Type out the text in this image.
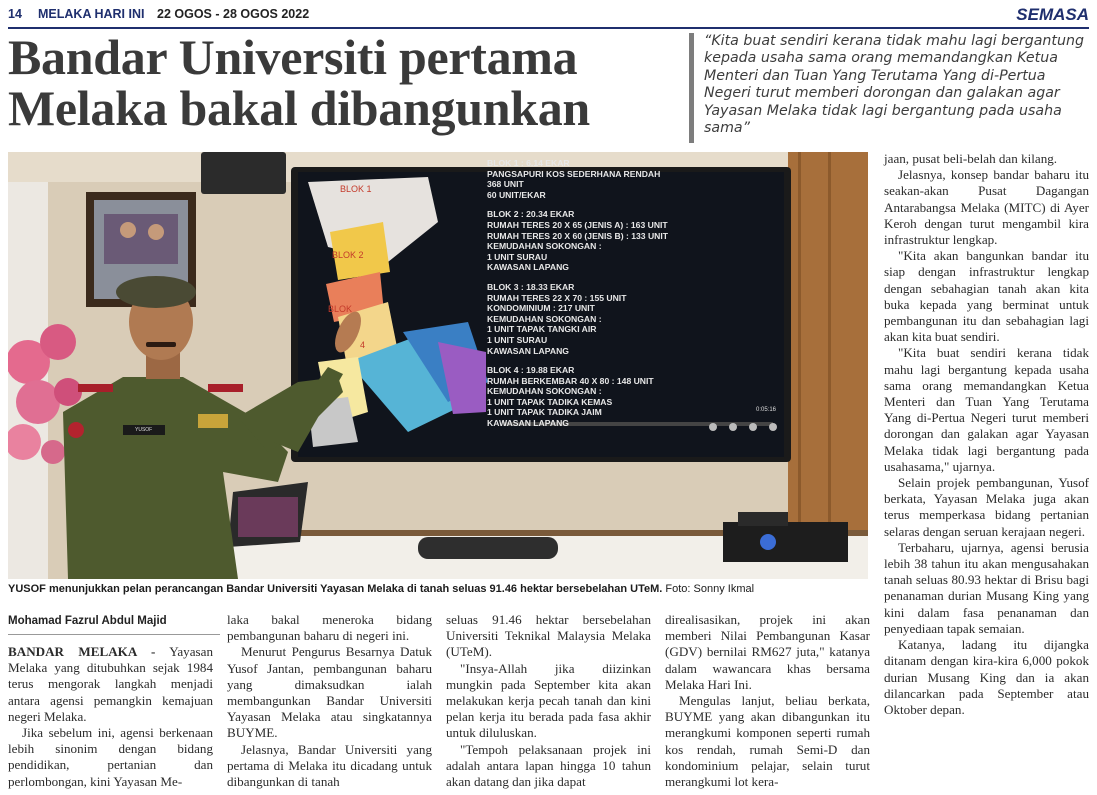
14 MELAKA HARI INI 22 OGOS - 28 OGOS 2022	SEMASA
Bandar Universiti pertama
Melaka bakal dibangunkan
“Kita buat sendiri kerana tidak mahu lagi bergantung kepada usaha sama orang memandangkan Ketua Menteri dan Tuan Yang Terutama Yang di-Pertua Negeri turut memberi dorongan dan galakan agar Yayasan Melaka tidak lagi bergantung pada usaha sama”
BLOK 1
BLOK 2
BLOK
4
YUSOF
0:05:16
BLOK 1 : 6.14 EKAR
PANGSAPURI KOS SEDERHANA RENDAH
368 UNIT
60 UNIT/EKAR
BLOK 2 : 20.34 EKAR
RUMAH TERES 20 X 65 (JENIS A) : 163 UNIT
RUMAH TERES 20 X 60 (JENIS B) : 133 UNIT
KEMUDAHAN SOKONGAN :
1 UNIT SURAU
KAWASAN LAPANG
BLOK 3 : 18.33 EKAR
RUMAH TERES 22 X 70 : 155 UNIT
KONDOMINIUM : 217 UNIT
KEMUDAHAN SOKONGAN :
1 UNIT TAPAK TANGKI AIR
1 UNIT SURAU
KAWASAN LAPANG
BLOK 4 : 19.88 EKAR
RUMAH BERKEMBAR 40 X 80 : 148 UNIT
KEMUDAHAN SOKONGAN :
1 UNIT TAPAK TADIKA KEMAS
1 UNIT TAPAK TADIKA JAIM
KAWASAN LAPANG
YUSOF menunjukkan pelan perancangan Bandar Universiti Yayasan Melaka di tanah seluas 91.46 hektar bersebelahan UTeM. Foto: Sonny Ikmal
Mohamad Fazrul Abdul Majid

BANDAR MELAKA - Yayasan Melaka yang ditubuhkan sejak 1984 terus mengorak langkah menjadi antara agensi pemangkin kemajuan negeri Melaka.

Jika sebelum ini, agensi berkenaan lebih sinonim dengan bidang pendidikan, pertanian dan perlombongan, kini Yayasan Me-

laka bakal meneroka bidang pembangunan baharu di negeri ini.

Menurut Pengurus Besarnya Datuk Yusof Jantan, pembangunan baharu yang dimaksudkan ialah membangunkan Bandar Universiti Yayasan Melaka atau singkatannya BUYME.

Jelasnya, Bandar Universiti yang pertama di Melaka itu dicadang untuk dibangunkan di tanah

seluas 91.46 hektar bersebelahan Universiti Teknikal Malaysia Melaka (UTeM).

"Insya-Allah jika diizinkan mungkin pada September kita akan melakukan kerja pecah tanah dan kini pelan kerja itu berada pada fasa akhir untuk diluluskan.

"Tempoh pelaksanaan projek ini adalah antara lapan hingga 10 tahun akan datang dan jika dapat

direalisasikan, projek ini akan memberi Nilai Pembangunan Kasar (GDV) bernilai RM627 juta," katanya dalam wawancara khas bersama Melaka Hari Ini.

Mengulas lanjut, beliau berkata, BUYME yang akan dibangunkan itu merangkumi komponen seperti rumah kos rendah, rumah Semi-D dan kondominium pelajar, selain turut merangkumi lot kera-

jaan, pusat beli-belah dan kilang.

Jelasnya, konsep bandar baharu itu seakan-akan Pusat Dagangan Antarabangsa Melaka (MITC) di Ayer Keroh dengan turut mengambil kira infrastruktur lengkap.

"Kita akan bangunkan bandar itu siap dengan infrastruktur lengkap dengan sebahagian tanah akan kita buka kepada yang berminat untuk pembangunan itu dan sebahagian lagi akan kita buat sendiri.

"Kita buat sendiri kerana tidak mahu lagi bergantung kepada usaha sama orang memandangkan Ketua Menteri dan Tuan Yang Terutama Yang di-Pertua Negeri turut memberi dorongan dan galakan agar Yayasan Melaka tidak lagi bergantung pada usahasama," ujarnya.

Selain projek pembangunan, Yusof berkata, Yayasan Melaka juga akan terus memperkasa bidang pertanian selaras dengan seruan kerajaan negeri.

Terbaharu, ujarnya, agensi berusia lebih 38 tahun itu akan mengusahakan tanah seluas 80.93 hektar di Brisu bagi penanaman durian Musang King yang kini dalam fasa penanaman dan penyediaan tapak semaian.

Katanya, ladang itu dijangka ditanam dengan kira-kira 6,000 pokok durian Musang King dan ia akan dilancarkan pada September atau Oktober depan.
